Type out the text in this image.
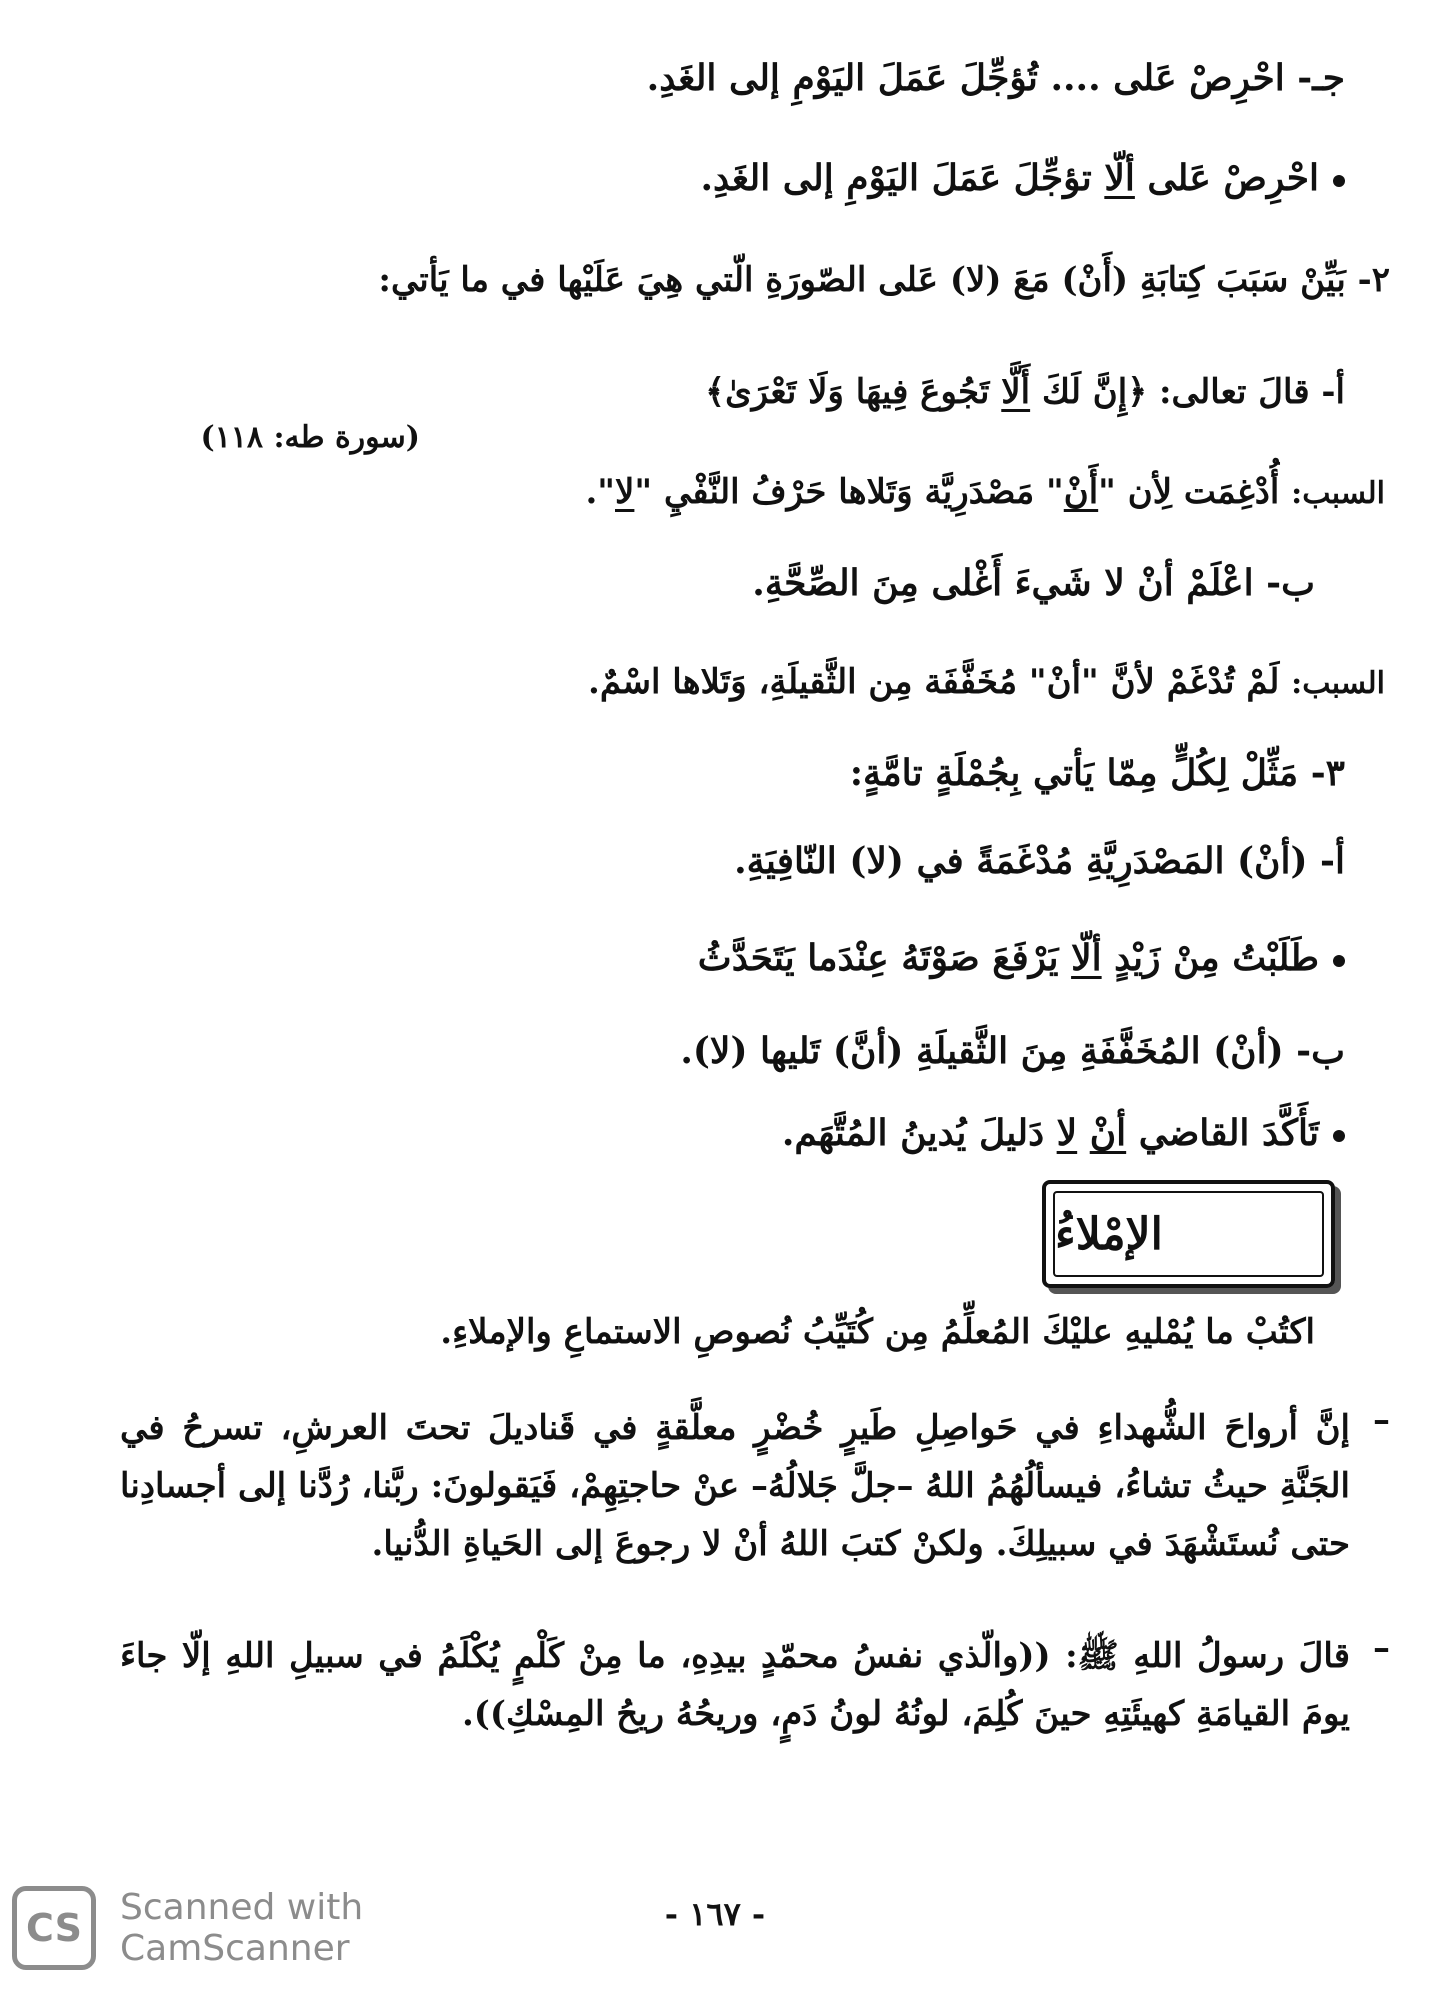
جـ- احْرِصْ عَلى .... تُؤجِّلَ عَمَلَ اليَوْمِ إلى الغَدِ.
احْرِصْ عَلى ألّا تؤجِّلَ عَمَلَ اليَوْمِ إلى الغَدِ.
٢- بَيِّنْ سَبَبَ كِتابَةِ (أَنْ) مَعَ (لا) عَلى الصّورَةِ الّتي هِيَ عَلَيْها في ما يَأتي:
أ- قالَ تعالى: ﴿إِنَّ لَكَ أَلَّا تَجُوعَ فِيهَا وَلَا تَعْرَىٰ﴾
(سورة طه: ١١٨)
السبب: أُدْغِمَت لِأن "أَنْ" مَصْدَرِيَّة وَتَلاها حَرْفُ النَّفْيِ "لا".
ب- اعْلَمْ أنْ لا شَيءَ أَغْلى مِنَ الصِّحَّةِ.
السبب: لَمْ تُدْغَمْ لأنَّ "أنْ" مُخَفَّفَة مِن الثَّقيلَةِ، وَتَلاها اسْمٌ.
٣- مَثِّلْ لِكُلٍّ مِمّا يَأتي بِجُمْلَةٍ تامَّةٍ:
أ- (أنْ) المَصْدَرِيَّةِ مُدْغَمَةً في (لا) النّافِيَةِ.
طَلَبْتُ مِنْ زَيْدٍ ألّا يَرْفَعَ صَوْتَهُ عِنْدَما يَتَحَدَّثُ
ب- (أنْ) المُخَفَّفَةِ مِنَ الثَّقيلَةِ (أنَّ) تَليها (لا).
تَأَكَّدَ القاضي أنْ لا دَليلَ يُدينُ المُتَّهَم.
الإمْلاءُ
اكتُبْ ما يُمْليهِ عليْكَ المُعلِّمُ مِن كُتَيِّبُ نُصوصِ الاستماعِ والإملاءِ.
–
إنَّ أرواحَ الشُّهداءِ في حَواصِلِ طَيرٍ خُضْرٍ معلَّقةٍ في قَناديلَ تحتَ العرشِ، تسرحُ في الجَنَّةِ حيثُ تشاءُ، فيسألُهُمُ اللهُ –جلَّ جَلالُهُ– عنْ حاجتِهِمْ، فَيَقولونَ: ربَّنا، رُدَّنا إلى أجسادِنا حتى نُستَشْهَدَ في سبيلِكَ. ولكنْ كتبَ اللهُ أنْ لا رجوعَ إلى الحَياةِ الدُّنيا.
–
قالَ رسولُ اللهِ ﷺ: ((والّذي نفسُ محمّدٍ بيدِهِ، ما مِنْ كَلْمٍ يُكْلَمُ في سبيلِ اللهِ إلّا جاءَ يومَ القيامَةِ كهيئَتِهِ حينَ كُلِمَ، لونُهُ لونُ دَمٍ، وريحُهُ ريحُ المِسْكِ)).
- ١٦٧ -
CS	Scanned with
CamScanner
